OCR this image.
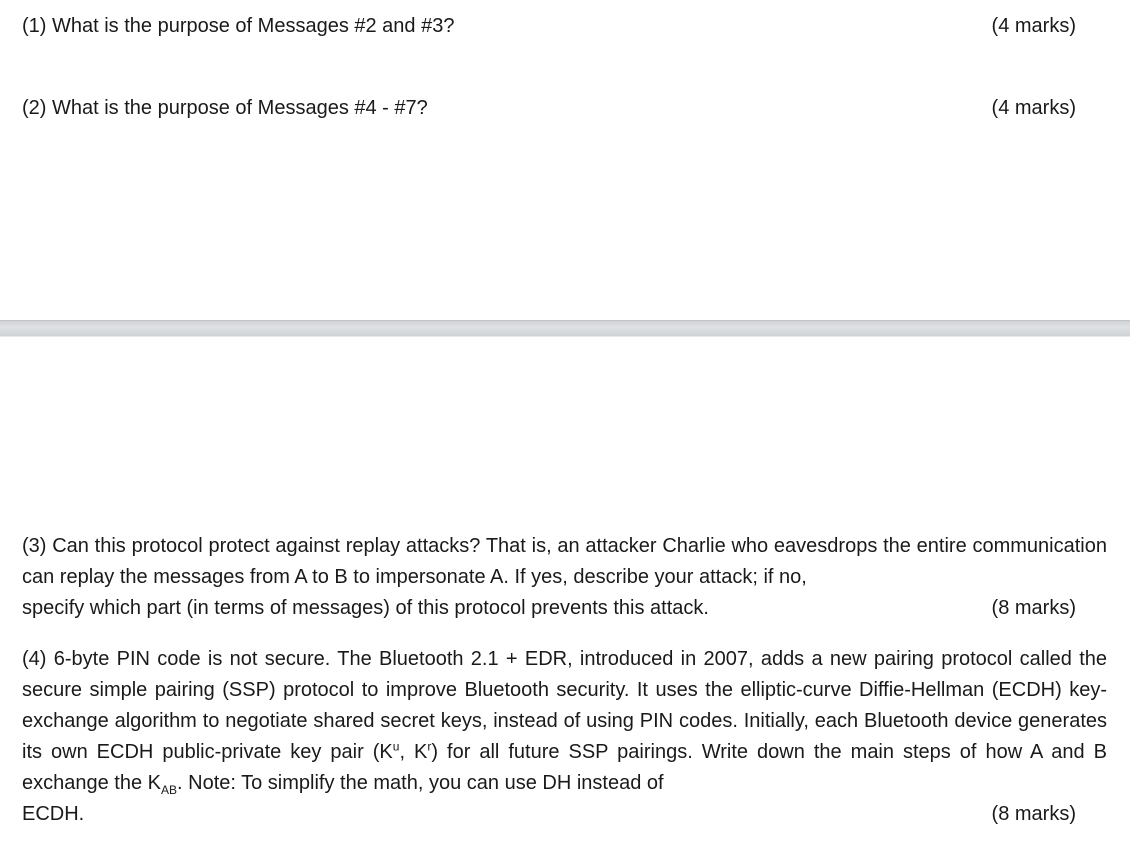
(1) What is the purpose of Messages #2 and #3?	(4 marks)
(2) What is the purpose of Messages #4 - #7?	(4 marks)
(3) Can this protocol protect against replay attacks? That is, an attacker Charlie who eavesdrops the entire communication can replay the messages from A to B to impersonate A. If yes, describe your attack; if no,
specify which part (in terms of messages) of this protocol prevents this attack.	(8 marks)
(4) 6-byte PIN code is not secure. The Bluetooth 2.1 + EDR, introduced in 2007, adds a new pairing protocol called the secure simple pairing (SSP) protocol to improve Bluetooth security. It uses the elliptic-curve Diffie-Hellman (ECDH) key-exchange algorithm to negotiate shared secret keys, instead of using PIN codes. Initially, each Bluetooth device generates its own ECDH public-private key pair ($K^u$, $K^r$) for all future SSP pairings. Write down the main steps of how A and B exchange the $K_{AB}$. Note: To simplify the math, you can use DH instead of
ECDH.	(8 marks)
